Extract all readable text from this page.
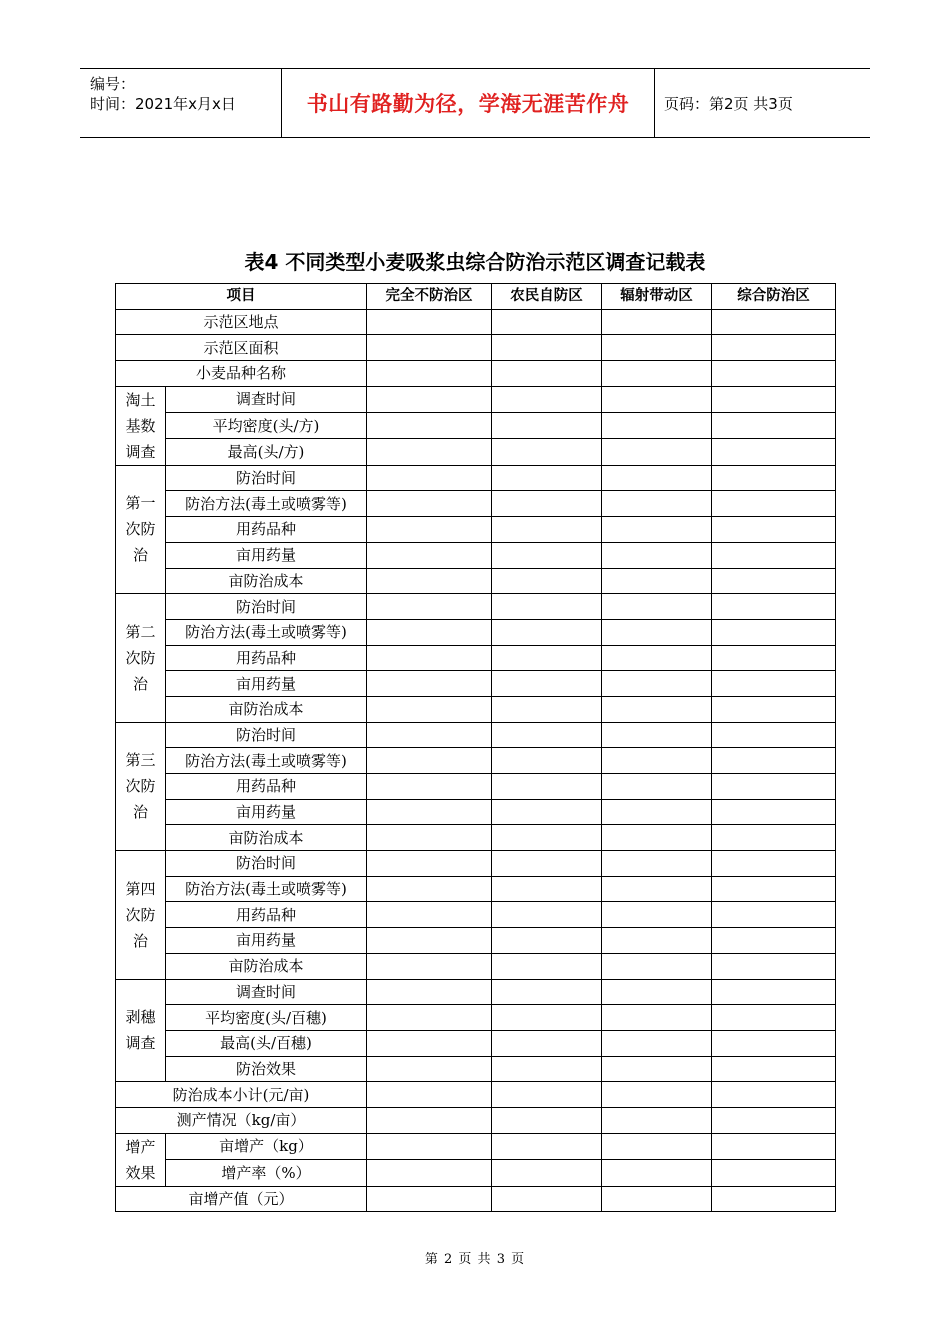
编号：
时间：2021年x月x日	书山有路勤为径，学海无涯苦作舟	页码：第2页 共3页
表4 不同类型小麦吸浆虫综合防治示范区调查记载表
项目		完全不防治区	农民自防区	辐射带动区	综合防治区
示范区地点					
示范区面积					
小麦品种名称					

淘土基数调查	调查时间				
	平均密度(头/方)				
	最高(头/方)				

第一次防治	防治时间				
	防治方法(毒土或喷雾等)				
	用药品种				
	亩用药量				
	亩防治成本				

第二次防治	防治时间				
	防治方法(毒土或喷雾等)				
	用药品种				
	亩用药量				
	亩防治成本				

第三次防治	防治时间				
	防治方法(毒土或喷雾等)				
	用药品种				
	亩用药量				
	亩防治成本				

第四次防治	防治时间				
	防治方法(毒土或喷雾等)				
	用药品种				
	亩用药量				
	亩防治成本				

剥穗调查	调查时间				
	平均密度(头/百穗)				
	最高(头/百穗)				
	防治效果				
防治成本小计(元/亩)					
测产情况（kg/亩）					

增产效果	亩增产（kg）				
	增产率（%）				
亩增产值（元）					
第 2 页 共 3 页
